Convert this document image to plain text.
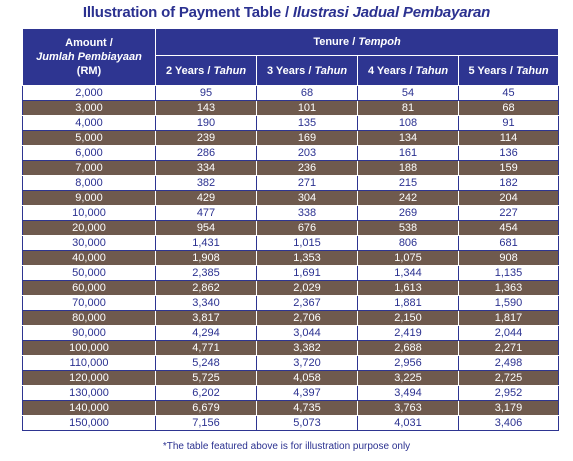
Illustration of Payment Table / Ilustrasi Jadual Pembayaran
Amount /
Jumlah Pembiayaan
(RM)	Tenure / Tempoh			
	2 Years / Tahun	3 Years / Tahun	4 Years / Tahun	5 Years / Tahun
2,000	95	68	54	45
3,000	143	101	81	68
4,000	190	135	108	91
5,000	239	169	134	114
6,000	286	203	161	136
7,000	334	236	188	159
8,000	382	271	215	182
9,000	429	304	242	204
10,000	477	338	269	227
20,000	954	676	538	454
30,000	1,431	1,015	806	681
40,000	1,908	1,353	1,075	908
50,000	2,385	1,691	1,344	1,135
60,000	2,862	2,029	1,613	1,363
70,000	3,340	2,367	1,881	1,590
80,000	3,817	2,706	2,150	1,817
90,000	4,294	3,044	2,419	2,044
100,000	4,771	3,382	2,688	2,271
110,000	5,248	3,720	2,956	2,498
120,000	5,725	4,058	3,225	2,725
130,000	6,202	4,397	3,494	2,952
140,000	6,679	4,735	3,763	3,179
150,000	7,156	5,073	4,031	3,406
*The table featured above is for illustration purpose only
